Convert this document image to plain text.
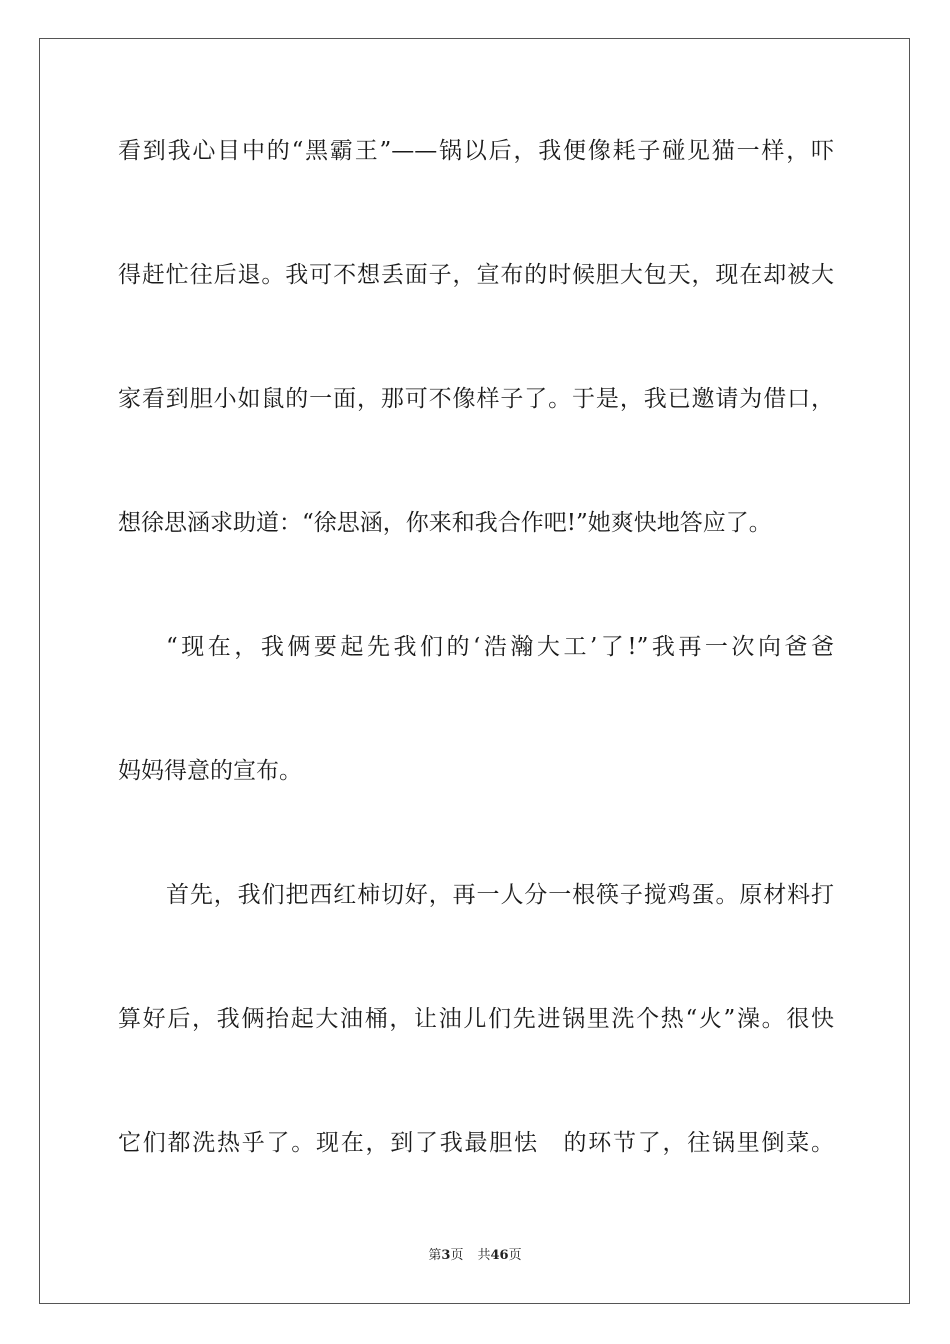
看到我心目中的“黑霸王”——锅以后，我便像耗子碰见猫一样，吓
得赶忙往后退。我可不想丢面子，宣布的时候胆大包天，现在却被大
家看到胆小如鼠的一面，那可不像样子了。于是，我已邀请为借口，
想徐思涵求助道：“徐思涵，你来和我合作吧!”她爽快地答应了。
“现在，我俩要起先我们的‘浩瀚大工’了!”我再一次向爸爸
妈妈得意的宣布。
首先，我们把西红柿切好，再一人分一根筷子搅鸡蛋。原材料打
算好后，我俩抬起大油桶，让油儿们先进锅里洗个热“火”澡。很快
它们都洗热乎了。现在，到了我最胆怯　的环节了，往锅里倒菜。
第3页 共46页
